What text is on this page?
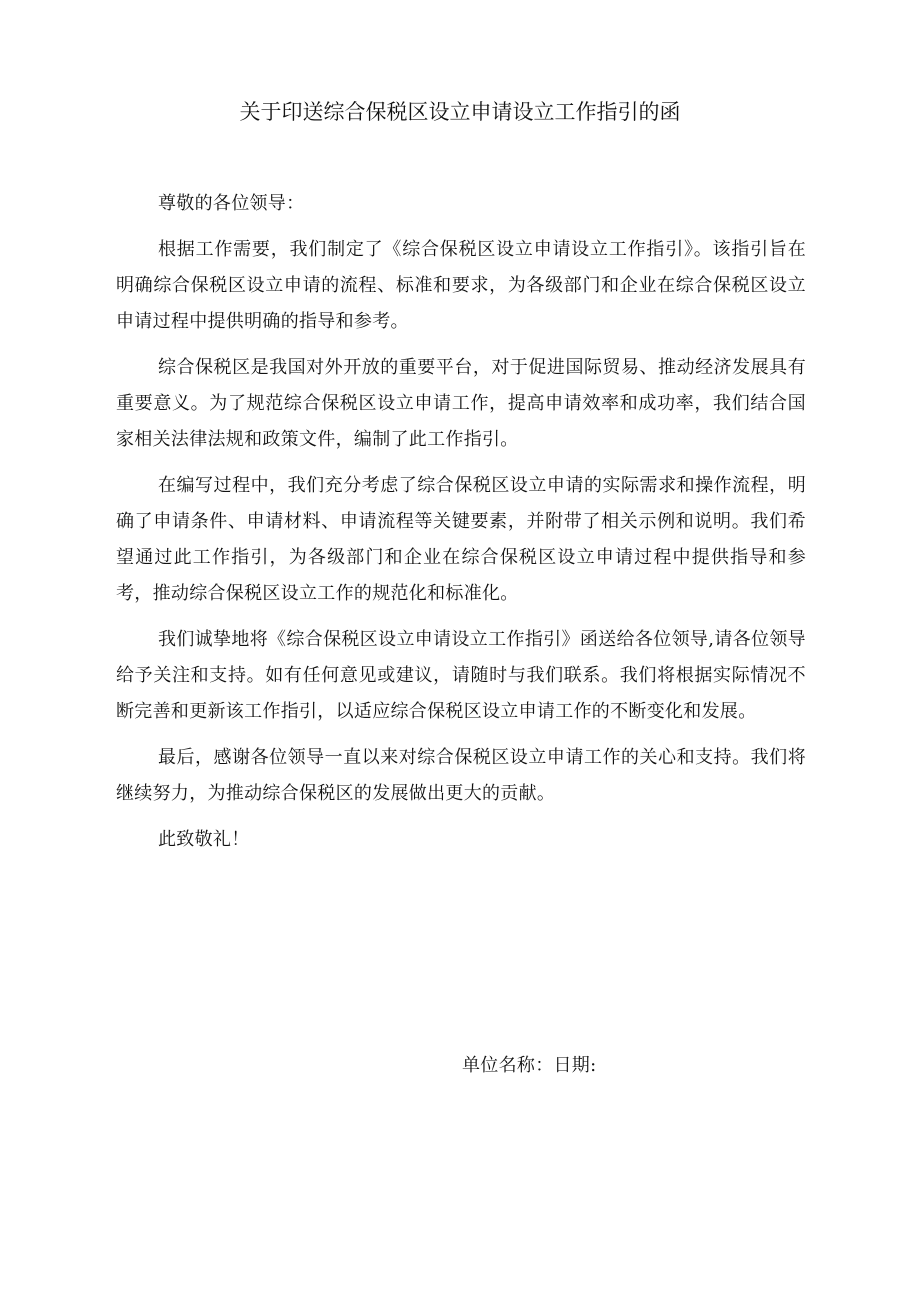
关于印送综合保税区设立申请设立工作指引的函

尊敬的各位领导：

根据工作需要，我们制定了《综合保税区设立申请设立工作指引》。该指引旨在明确综合保税区设立申请的流程、标准和要求，为各级部门和企业在综合保税区设立申请过程中提供明确的指导和参考。

综合保税区是我国对外开放的重要平台，对于促进国际贸易、推动经济发展具有重要意义。为了规范综合保税区设立申请工作，提高申请效率和成功率，我们结合国家相关法律法规和政策文件，编制了此工作指引。

在编写过程中，我们充分考虑了综合保税区设立申请的实际需求和操作流程，明确了申请条件、申请材料、申请流程等关键要素，并附带了相关示例和说明。我们希望通过此工作指引，为各级部门和企业在综合保税区设立申请过程中提供指导和参考，推动综合保税区设立工作的规范化和标准化。

我们诚挚地将《综合保税区设立申请设立工作指引》函送给各位领导,请各位领导给予关注和支持。如有任何意见或建议，请随时与我们联系。我们将根据实际情况不断完善和更新该工作指引，以适应综合保税区设立申请工作的不断变化和发展。

最后，感谢各位领导一直以来对综合保税区设立申请工作的关心和支持。我们将继续努力，为推动综合保税区的发展做出更大的贡献。

此致敬礼！

单位名称：日期:
